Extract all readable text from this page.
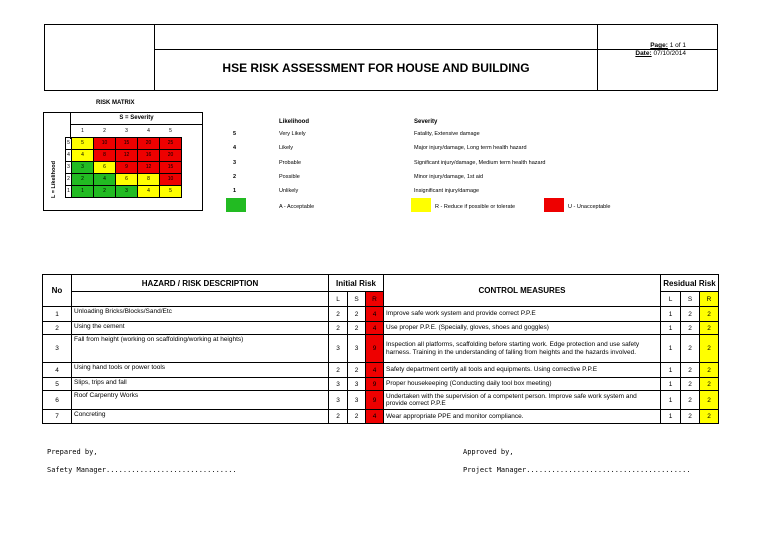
HSE RISK ASSESSMENT FOR HOUSE AND BUILDING
Page: 1 of 1
Date: 07/10/2014
RISK MATRIX
S = Severity
L = Likelihood
	1	2	3	4	5
5	5	10	15	20	25
4	4	8	12	16	20
3	3	6	9	12	15
2	2	4	6	8	10
1	1	2	3	4	5
Likelihood	Severity
5	Very Likely	Fatality, Extensive damage
4	Likely	Major injury/damage, Long term health hazard
3	Probable	Significant injury/damage, Medium term health hazard
2	Possible	Minor injury/damage, 1st aid
1	Unlikely	Insignificant injury/damage
A - Acceptable	R - Reduce if possible or tolerate	U - Unacceptable
No	HAZARD / RISK DESCRIPTION	Initial Risk			CONTROL MEASURES	Residual Risk		
		L	S	R		L	S	R
1	Unloading Bricks/Blocks/Sand/Etc	2	2	4	Improve safe work system and provide correct P.P.E	1	2	2
2	Using the cement	2	2	4	Use proper P.P.E. (Specially, gloves, shoes and goggles)	1	2	2
3	Fall from height (working on scaffolding/working at heights)	3	3	9	Inspection all platforms, scaffolding before starting work. Edge protection and use safety harness. Training in the understanding of falling from heights and the hazards involved.	1	2	2
4	Using hand tools or power tools	2	2	4	Safety department certify all tools and equipments. Using corrective P.P.E	1	2	2
5	Slips, trips and fall	3	3	9	Proper housekeeping (Conducting daily tool box meeting)	1	2	2
6	Roof Carpentry Works	3	3	9	Undertaken with the supervision of a competent person. Improve safe work system and provide correct P.P.E	1	2	2
7	Concreting	2	2	4	Wear appropriate PPE and monitor compliance.	1	2	2
Prepared by,
Safety Manager...............................
Approved by,
Project Manager.......................................
